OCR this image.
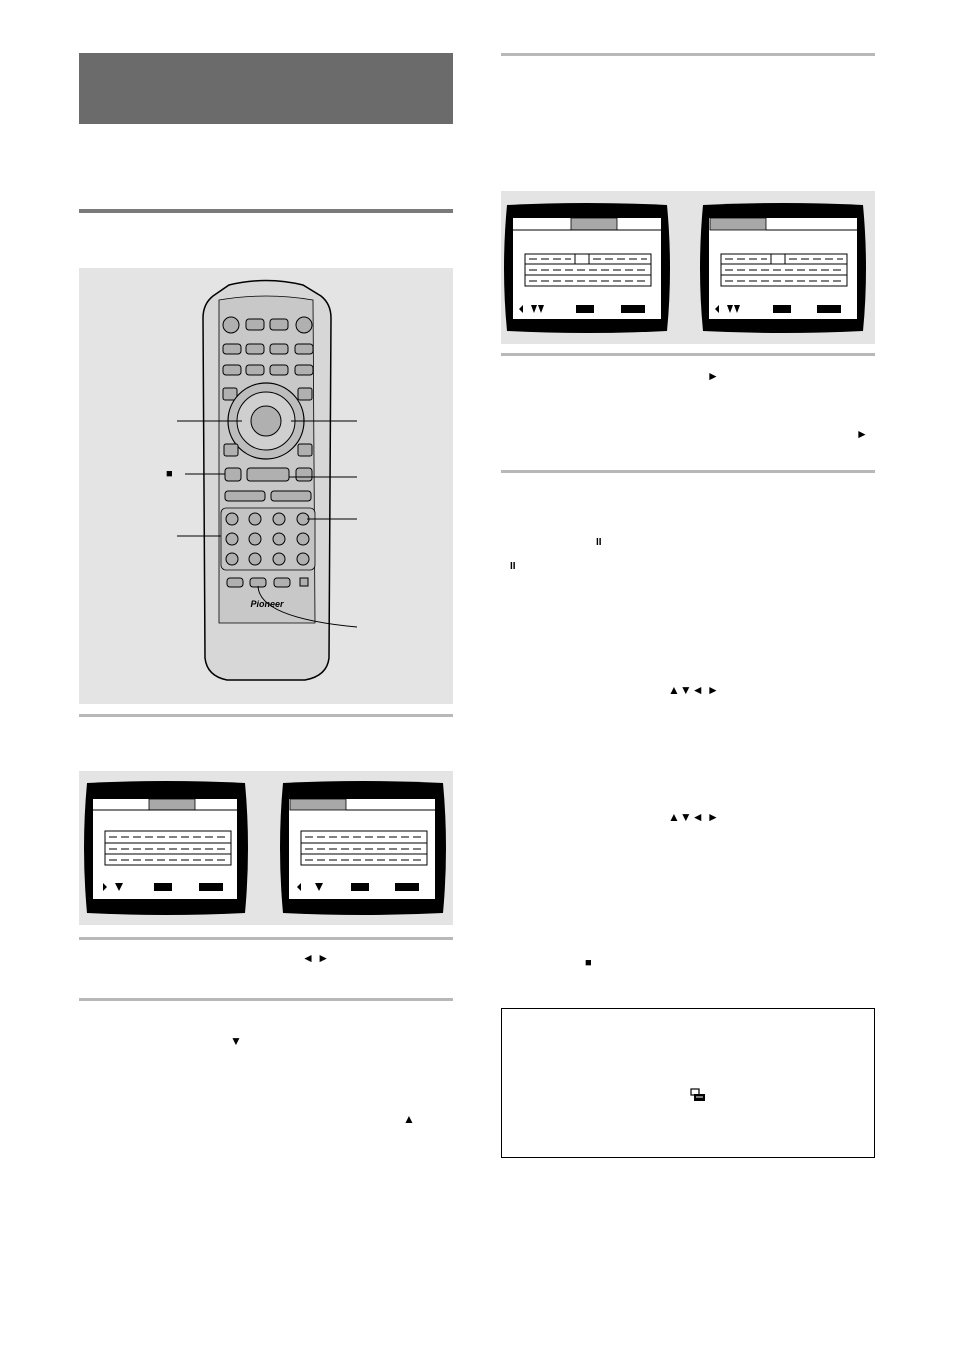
Pioneer
■
◄ ►
▼
▲
►
►
II
II
▲▼◄ ►
▲▼◄ ►
■
